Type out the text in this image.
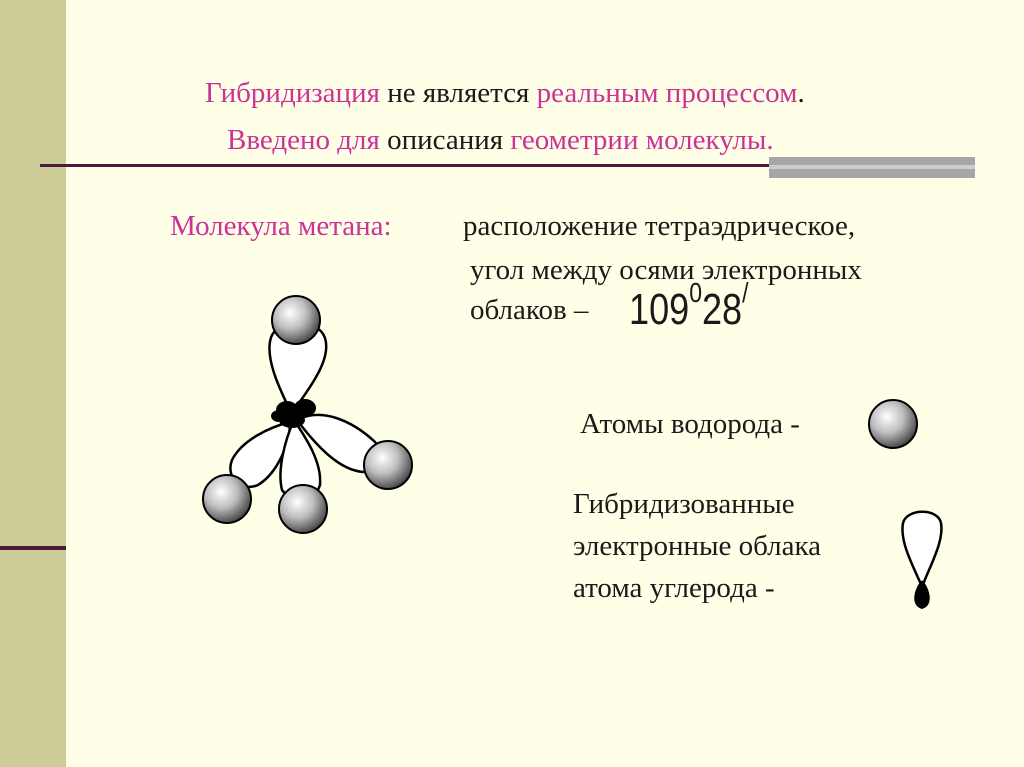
Гибридизация не является реальным процессом.
Введено для описания геометрии молекулы.
Молекула метана: расположение тетраэдрическое,
угол между осями электронных
облаков – $109^028^/$
Атомы водорода -
Гибридизованные
электронные облака
атома углерода -
